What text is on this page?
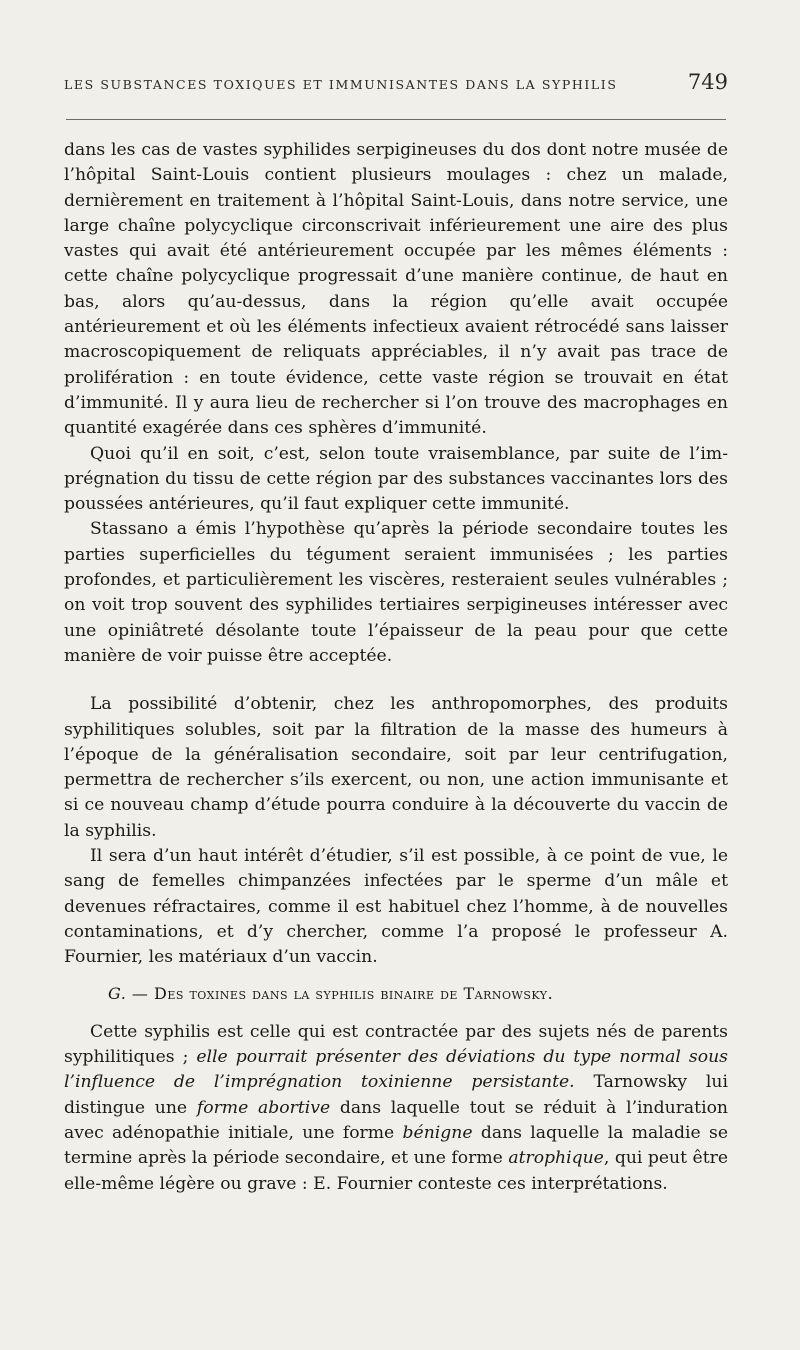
LES SUBSTANCES TOXIQUES ET IMMUNISANTES DANS LA SYPHILIS	749

dans les cas de vastes syphilides serpigineuses du dos dont notre musée de l’hôpital Saint-Louis contient plusieurs moulages : chez un malade, dernièrement en traitement à l’hôpital Saint-Louis, dans notre service, une large chaîne polycyclique circonscrivait inférieurement une aire des plus vastes qui avait été antérieurement occupée par les mêmes éléments : cette chaîne polycyclique progressait d’une manière continue, de haut en bas, alors qu’au-dessus, dans la région qu’elle avait occupée antérieurement et où les éléments infectieux avaient rétrocédé sans laisser macroscopiquement de reliquats appréciables, il n’y avait pas trace de prolifération : en toute évidence, cette vaste région se trouvait en état d’immunité. Il y aura lieu de rechercher si l’on trouve des macrophages en quantité exagérée dans ces sphères d’immunité.

Quoi qu’il en soit, c’est, selon toute vraisemblance, par suite de l’imprégnation du tissu de cette région par des substances vaccinantes lors des poussées antérieures, qu’il faut expliquer cette immunité.

Stassano a émis l’hypothèse qu’après la période secondaire toutes les parties superficielles du tégument seraient immunisées ; les parties profondes, et particulièrement les viscères, resteraient seules vulnérables ; on voit trop souvent des syphilides tertiaires serpigineuses intéresser avec une opiniâtreté désolante toute l’épaisseur de la peau pour que cette manière de voir puisse être acceptée.

La possibilité d’obtenir, chez les anthropomorphes, des produits syphilitiques solubles, soit par la filtration de la masse des humeurs à l’époque de la généralisation secondaire, soit par leur centrifugation, permettra de rechercher s’ils exercent, ou non, une action immunisante et si ce nouveau champ d’étude pourra conduire à la découverte du vaccin de la syphilis.

Il sera d’un haut intérêt d’étudier, s’il est possible, à ce point de vue, le sang de femelles chimpanzées infectées par le sperme d’un mâle et devenues réfractaires, comme il est habituel chez l’homme, à de nouvelles contaminations, et d’y chercher, comme l’a proposé le professeur A. Fournier, les matériaux d’un vaccin.

G. — Des toxines dans la syphilis binaire de Tarnowsky.

Cette syphilis est celle qui est contractée par des sujets nés de parents syphilitiques ; elle pourrait présenter des déviations du type normal sous l’influence de l’imprégnation toxinienne persistante. Tarnowsky lui distingue une forme abortive dans laquelle tout se réduit à l’induration avec adénopathie initiale, une forme bénigne dans laquelle la maladie se termine après la période secondaire, et une forme atrophique, qui peut être elle-même légère ou grave : E. Fournier conteste ces interprétations.
